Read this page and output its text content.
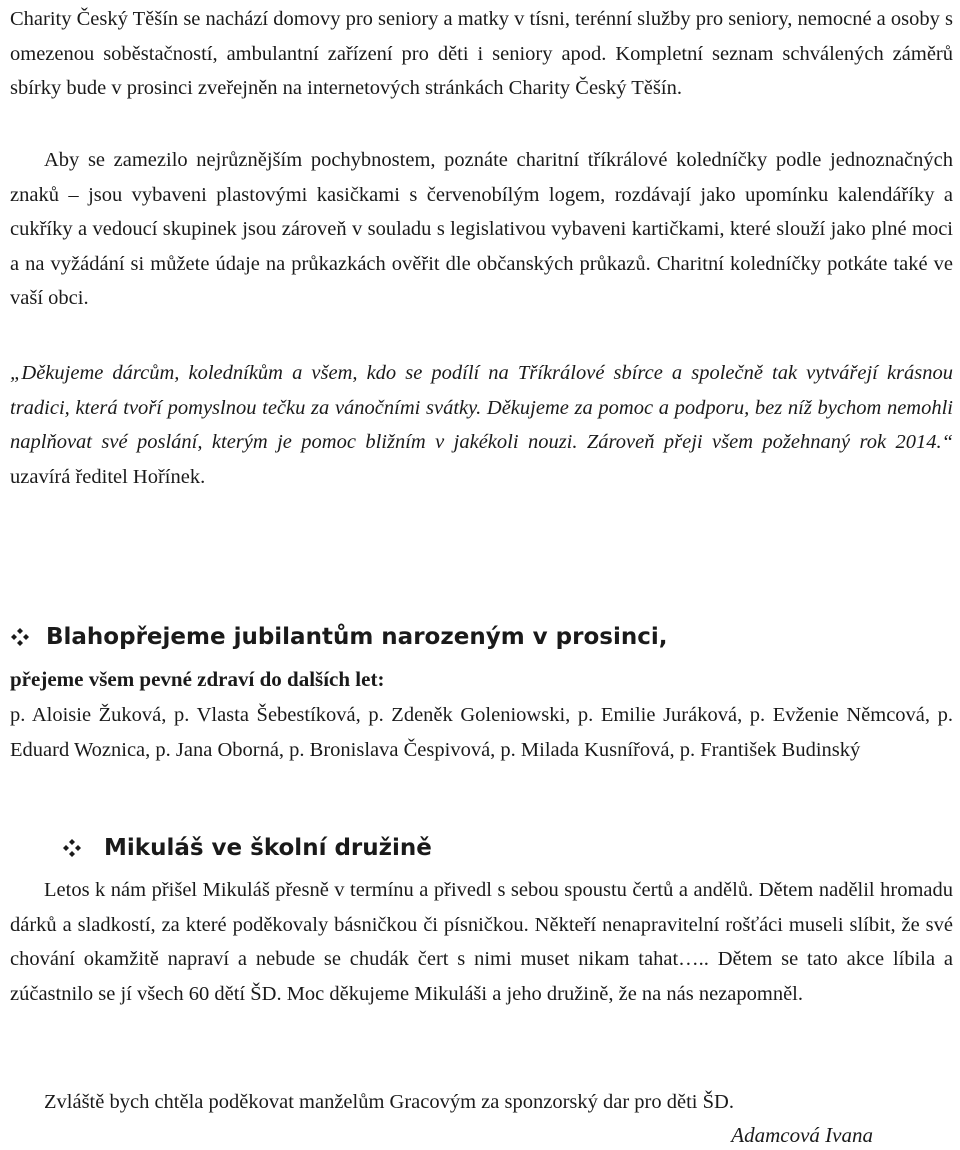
Charity Český Těšín se nachází domovy pro seniory a matky v tísni, terénní služby pro seniory, nemocné a osoby s omezenou soběstačností, ambulantní zařízení pro děti i seniory apod. Kompletní seznam schválených záměrů sbírky bude v prosinci zveřejněn na internetových stránkách Charity Český Těšín.

Aby se zamezilo nejrůznějším pochybnostem, poznáte charitní tříkrálové koledníčky podle jednoznačných znaků – jsou vybaveni plastovými kasičkami s červenobílým logem, rozdávají jako upomínku kalendáříky a cukříky a vedoucí skupinek jsou zároveň v souladu s legislativou vybaveni kartičkami, které slouží jako plné moci a na vyžádání si můžete údaje na průkazkách ověřit dle občanských průkazů. Charitní koledníčky potkáte také ve vaší obci.

„Děkujeme dárcům, koledníkům a všem, kdo se podílí na Tříkrálové sbírce a společně tak vytvářejí krásnou tradici, která tvoří pomyslnou tečku za vánočními svátky. Děkujeme za pomoc a podporu, bez níž bychom nemohli naplňovat své poslání, kterým je pomoc bližním v jakékoli nouzi. Zároveň přeji všem požehnaný rok 2014.“ uzavírá ředitel Hořínek.

Blahopřejeme jubilantům narozeným v prosinci,
přejeme všem pevné zdraví do dalších let:

p. Aloisie Žuková, p. Vlasta Šebestíková, p. Zdeněk Goleniowski, p. Emilie Juráková, p. Evženie Němcová, p. Eduard Woznica, p. Jana Oborná, p. Bronislava Čespivová, p. Milada Kusnířová, p. František Budinský

Mikuláš ve školní družině

Letos k nám přišel Mikuláš přesně v termínu a přivedl s sebou spoustu čertů a andělů. Dětem nadělil hromadu dárků a sladkostí, za které poděkovaly básničkou či písničkou. Někteří nenapravitelní rošťáci museli slíbit, že své chování okamžitě napraví a nebude se chudák čert s nimi muset nikam tahat….. Dětem se tato akce líbila a zúčastnilo se jí všech 60 dětí ŠD. Moc děkujeme Mikuláši a jeho družině, že na nás nezapomněl.

Zvláště bych chtěla poděkovat manželům Gracovým za sponzorský dar pro děti ŠD.

Adamcová Ivana
